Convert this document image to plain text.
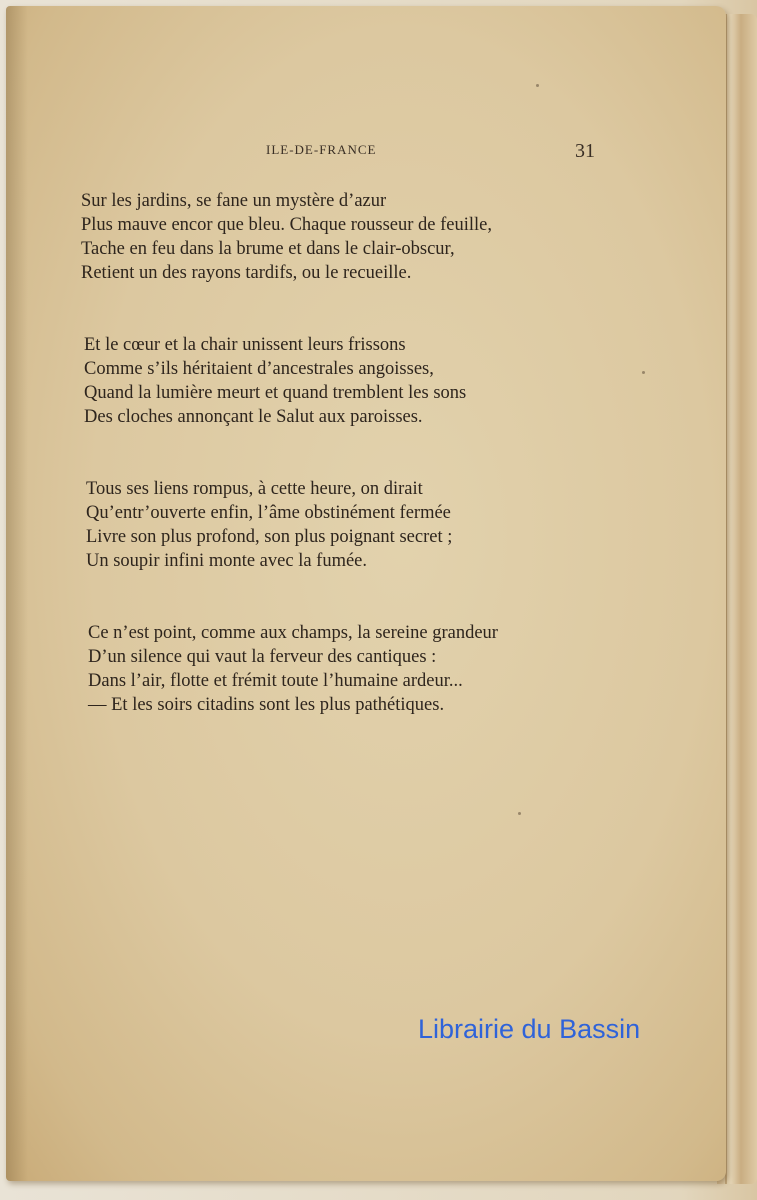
ILE-DE-FRANCE	31
Sur les jardins, se fane un mystère d’azur
Plus mauve encor que bleu. Chaque rousseur de feuille,
Tache en feu dans la brume et dans le clair-obscur,
Retient un des rayons tardifs, ou le recueille.
Et le cœur et la chair unissent leurs frissons
Comme s’ils héritaient d’ancestrales angoisses,
Quand la lumière meurt et quand tremblent les sons
Des cloches annonçant le Salut aux paroisses.
Tous ses liens rompus, à cette heure, on dirait
Qu’entr’ouverte enfin, l’âme obstinément fermée
Livre son plus profond, son plus poignant secret ;
Un soupir infini monte avec la fumée.
Ce n’est point, comme aux champs, la sereine grandeur
D’un silence qui vaut la ferveur des cantiques :
Dans l’air, flotte et frémit toute l’humaine ardeur...
— Et les soirs citadins sont les plus pathétiques.
Librairie du Bassin
